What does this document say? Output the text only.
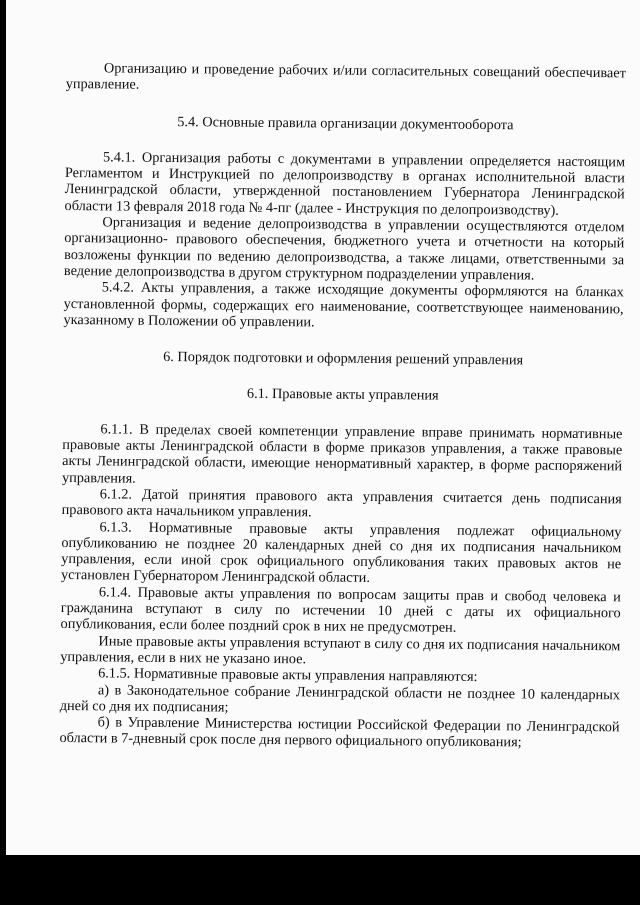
Организацию и проведение рабочих и/или согласительных совещаний обеспечивает управление.

5.4. Основные правила организации документооборота

5.4.1. Организация работы с документами в управлении определяется настоящим Регламентом и Инструкцией по делопроизводству в органах исполнительной власти Ленинградской области, утвержденной постановлением Губернатора Ленинградской области 13 февраля 2018 года № 4-пг (далее - Инструкция по делопроизводству).

Организация и ведение делопроизводства в управлении осуществляются отделом организационно- правового обеспечения, бюджетного учета и отчетности на который возложены функции по ведению делопроизводства, а также лицами, ответственными за ведение делопроизводства в другом структурном подразделении управления.

5.4.2. Акты управления, а также исходящие документы оформляются на бланках установленной формы, содержащих его наименование, соответствующее наименованию, указанному в Положении об управлении.

6. Порядок подготовки и оформления решений управления

6.1. Правовые акты управления

6.1.1. В пределах своей компетенции управление вправе принимать нормативные правовые акты Ленинградской области в форме приказов управления, а также правовые акты Ленинградской области, имеющие ненормативный характер, в форме распоряжений управления.

6.1.2. Датой принятия правового акта управления считается день подписания правового акта начальником управления.

6.1.3. Нормативные правовые акты управления подлежат официальному опубликованию не позднее 20 календарных дней со дня их подписания начальником управления, если иной срок официального опубликования таких правовых актов не установлен Губернатором Ленинградской области.

6.1.4. Правовые акты управления по вопросам защиты прав и свобод человека и гражданина вступают в силу по истечении 10 дней с даты их официального опубликования, если более поздний срок в них не предусмотрен.

Иные правовые акты управления вступают в силу со дня их подписания начальником управления, если в них не указано иное.

6.1.5. Нормативные правовые акты управления направляются:

а) в Законодательное собрание Ленинградской области не позднее 10 календарных дней со дня их подписания;

б) в Управление Министерства юстиции Российской Федерации по Ленинградской области в 7-дневный срок после дня первого официального опубликования;
